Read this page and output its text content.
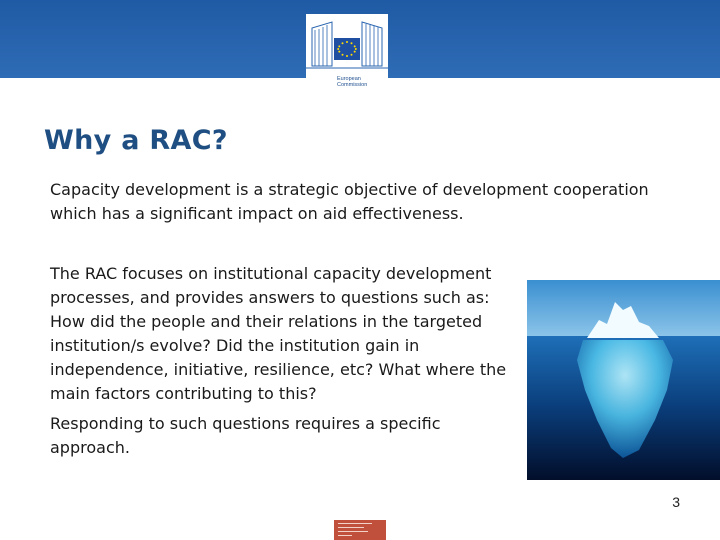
European
Commission
Why a RAC?

Capacity development is a strategic objective of development cooperation which has a significant impact on aid effectiveness.

The RAC focuses on institutional capacity development processes, and provides answers to questions such as: How did the people and their relations in the targeted institution/s evolve? Did the institution gain in independence, initiative, resilience, etc? What where the main factors contributing to this?

Responding to such questions requires a specific approach.

3
